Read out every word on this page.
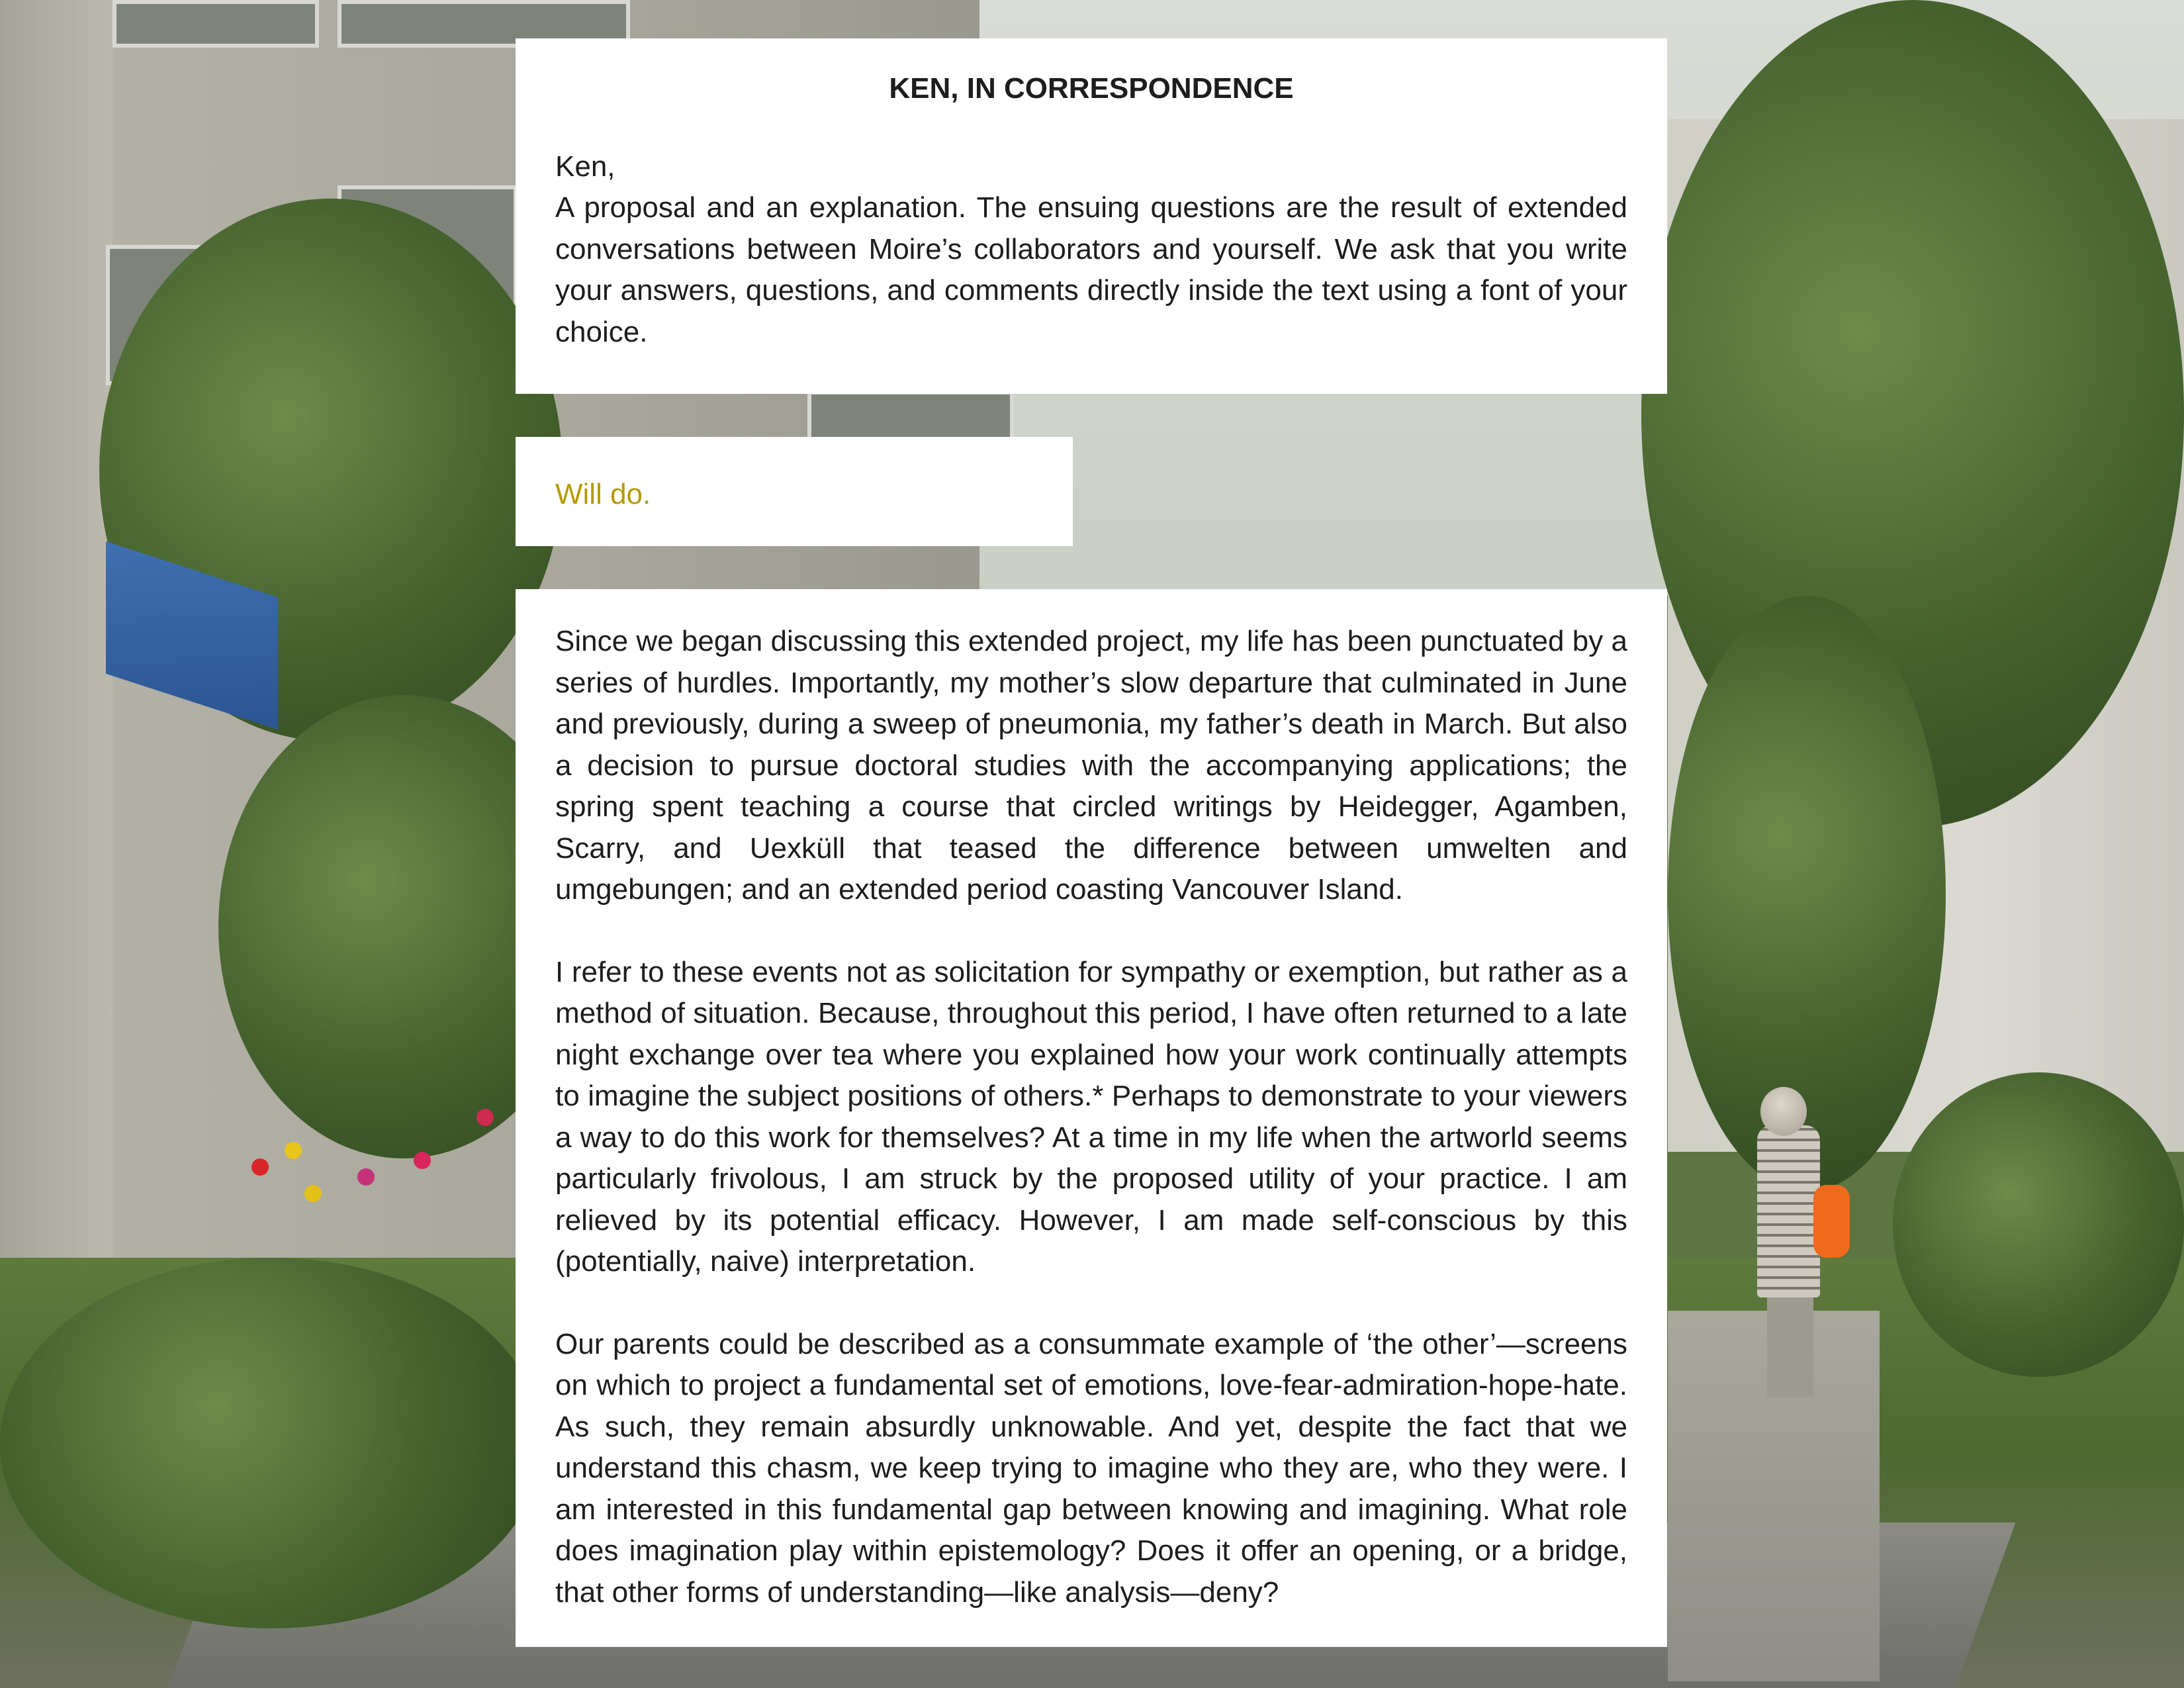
KEN, IN CORRESPONDENCE

Ken,

A proposal and an explanation. The ensuing questions are the result of extended conversations between Moire’s collaborators and yourself. We ask that you write your answers, questions, and comments directly inside the text using a font of your choice.

Will do.

Since we began discussing this extended project, my life has been punctuated by a series of hurdles. Importantly, my mother’s slow departure that culminated in June and previously, during a sweep of pneumonia, my father’s death in March. But also a decision to pursue doctoral studies with the accompanying applications; the spring spent teaching a course that circled writings by Heidegger, Agamben, Scarry, and Uexküll that teased the difference between umwelten and umgebungen; and an extended period coasting Vancouver Island.

I refer to these events not as solicitation for sympathy or exemption, but rather as a method of situation. Because, throughout this period, I have often returned to a late night exchange over tea where you explained how your work continually attempts to imagine the subject positions of others.* Perhaps to demonstrate to your viewers a way to do this work for themselves? At a time in my life when the artworld seems particularly frivolous, I am struck by the proposed utility of your practice. I am relieved by its potential efficacy. However, I am made self-conscious by this (potentially, naive) interpretation.

Our parents could be described as a consummate example of ‘the other’—screens on which to project a fundamental set of emotions, love-fear-admiration-hope-hate. As such, they remain absurdly unknowable. And yet, despite the fact that we understand this chasm, we keep trying to imagine who they are, who they were. I am interested in this fundamental gap between knowing and imagining. What role does imagination play within epistemology? Does it offer an opening, or a bridge, that other forms of understanding—like analysis—deny?
